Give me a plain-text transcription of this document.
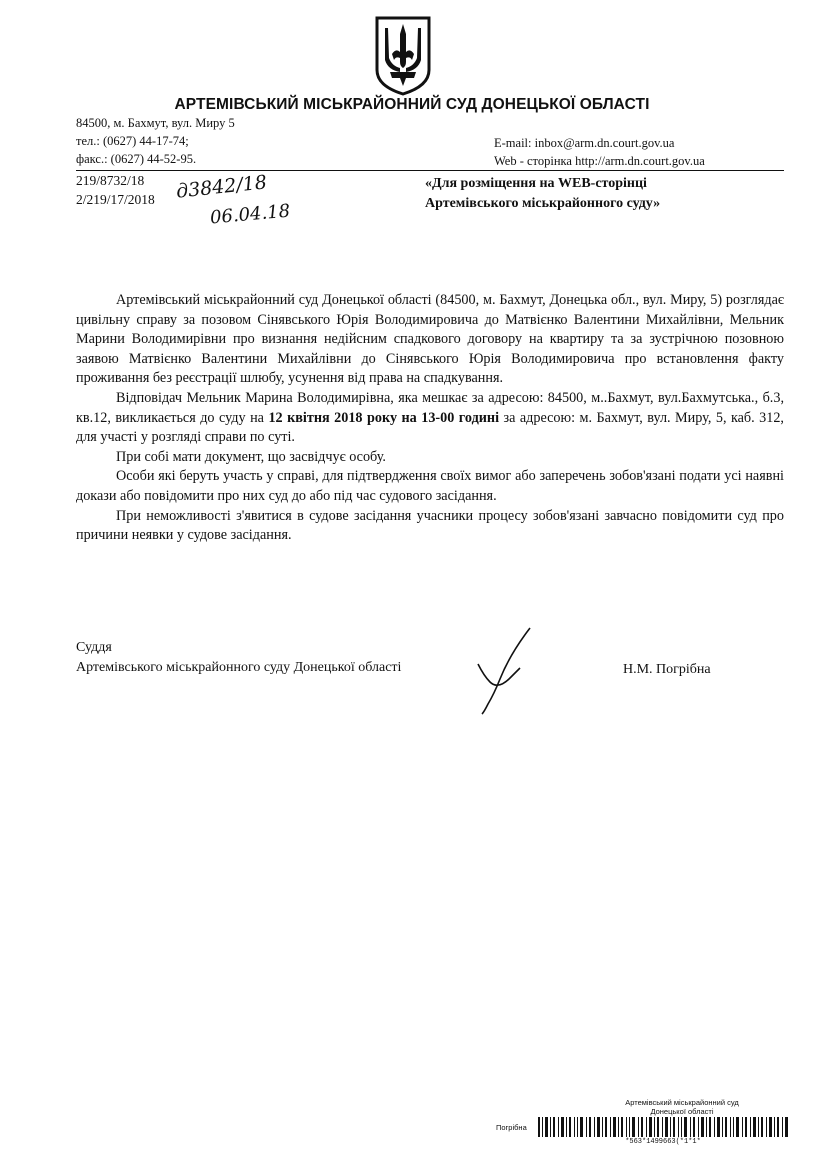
АРТЕМІВСЬКИЙ МІСЬКРАЙОННИЙ СУД ДОНЕЦЬКОЇ ОБЛАСТІ
84500, м. Бахмут, вул. Миру 5
тел.: (0627) 44-17-74;
факс.: (0627) 44-52-95.
E-mail: inbox@arm.dn.court.gov.ua
Web - сторінка http://arm.dn.court.gov.ua
219/8732/18
2/219/17/2018 д3842/18
06.04.18
«Для розміщення на WEB-сторінці
Артемівського міськрайонного суду»

Артемівський міськрайонний суд Донецької області (84500, м. Бахмут, Донецька обл., вул. Миру, 5) розглядає цивільну справу за позовом Сінявського Юрія Володимировича до Матвієнко Валентини Михайлівни, Мельник Марини Володимирівни про визнання недійсним спадкового договору на квартиру та за зустрічною позовною заявою Матвієнко Валентини Михайлівни до Сінявського Юрія Володимировича про встановлення факту проживання без реєстрації шлюбу, усунення від права на спадкування.

Відповідач Мельник Марина Володимирівна, яка мешкає за адресою: 84500, м..Бахмут, вул.Бахмутська., б.3, кв.12, викликається до суду на 12 квітня 2018 року на 13-00 годині за адресою: м. Бахмут, вул. Миру, 5, каб. 312, для участі у розгляді справи по суті.

При собі мати документ, що засвідчує особу.

Особи які беруть участь у справі, для підтвердження своїх вимог або заперечень зобов'язані подати усі наявні докази або повідомити про них суд до або під час судового засідання.

При неможливості з'явитися в судове засідання учасники процесу зобов'язані завчасно повідомити суд про причини неявки у судове засідання.

Суддя
Артемівського міськрайонного суду Донецької області	Н.М. Погрібна
Артемівський міськрайонний суд
Донецької області
Погрібна
*563*1499663(*1*1*
